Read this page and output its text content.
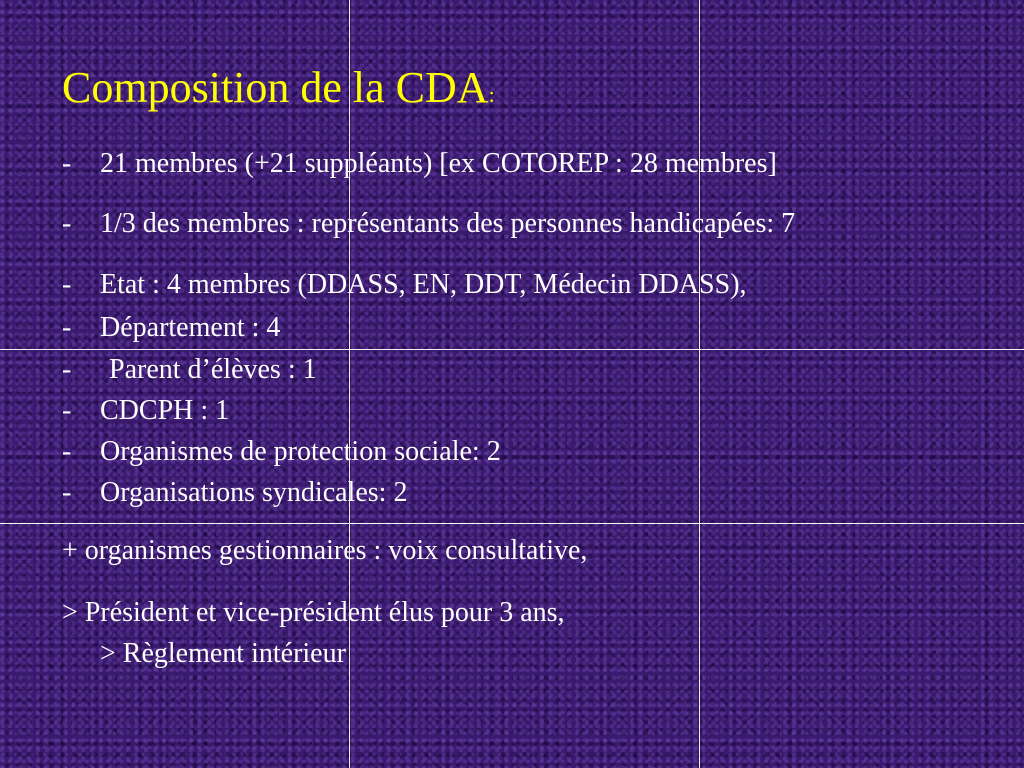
Composition de la CDA:
- 21 membres (+21 suppléants) [ex COTOREP : 28 membres]
- 1/3 des membres : représentants des personnes handicapées: 7
- Etat : 4 membres (DDASS, EN, DDT, Médecin DDASS),
- Département : 4
- Parent d’élèves : 1
- CDCPH : 1
- Organismes de protection sociale: 2
- Organisations syndicales: 2
+ organismes gestionnaires : voix consultative,
> Président et vice-président élus pour 3 ans,
> Règlement intérieur
